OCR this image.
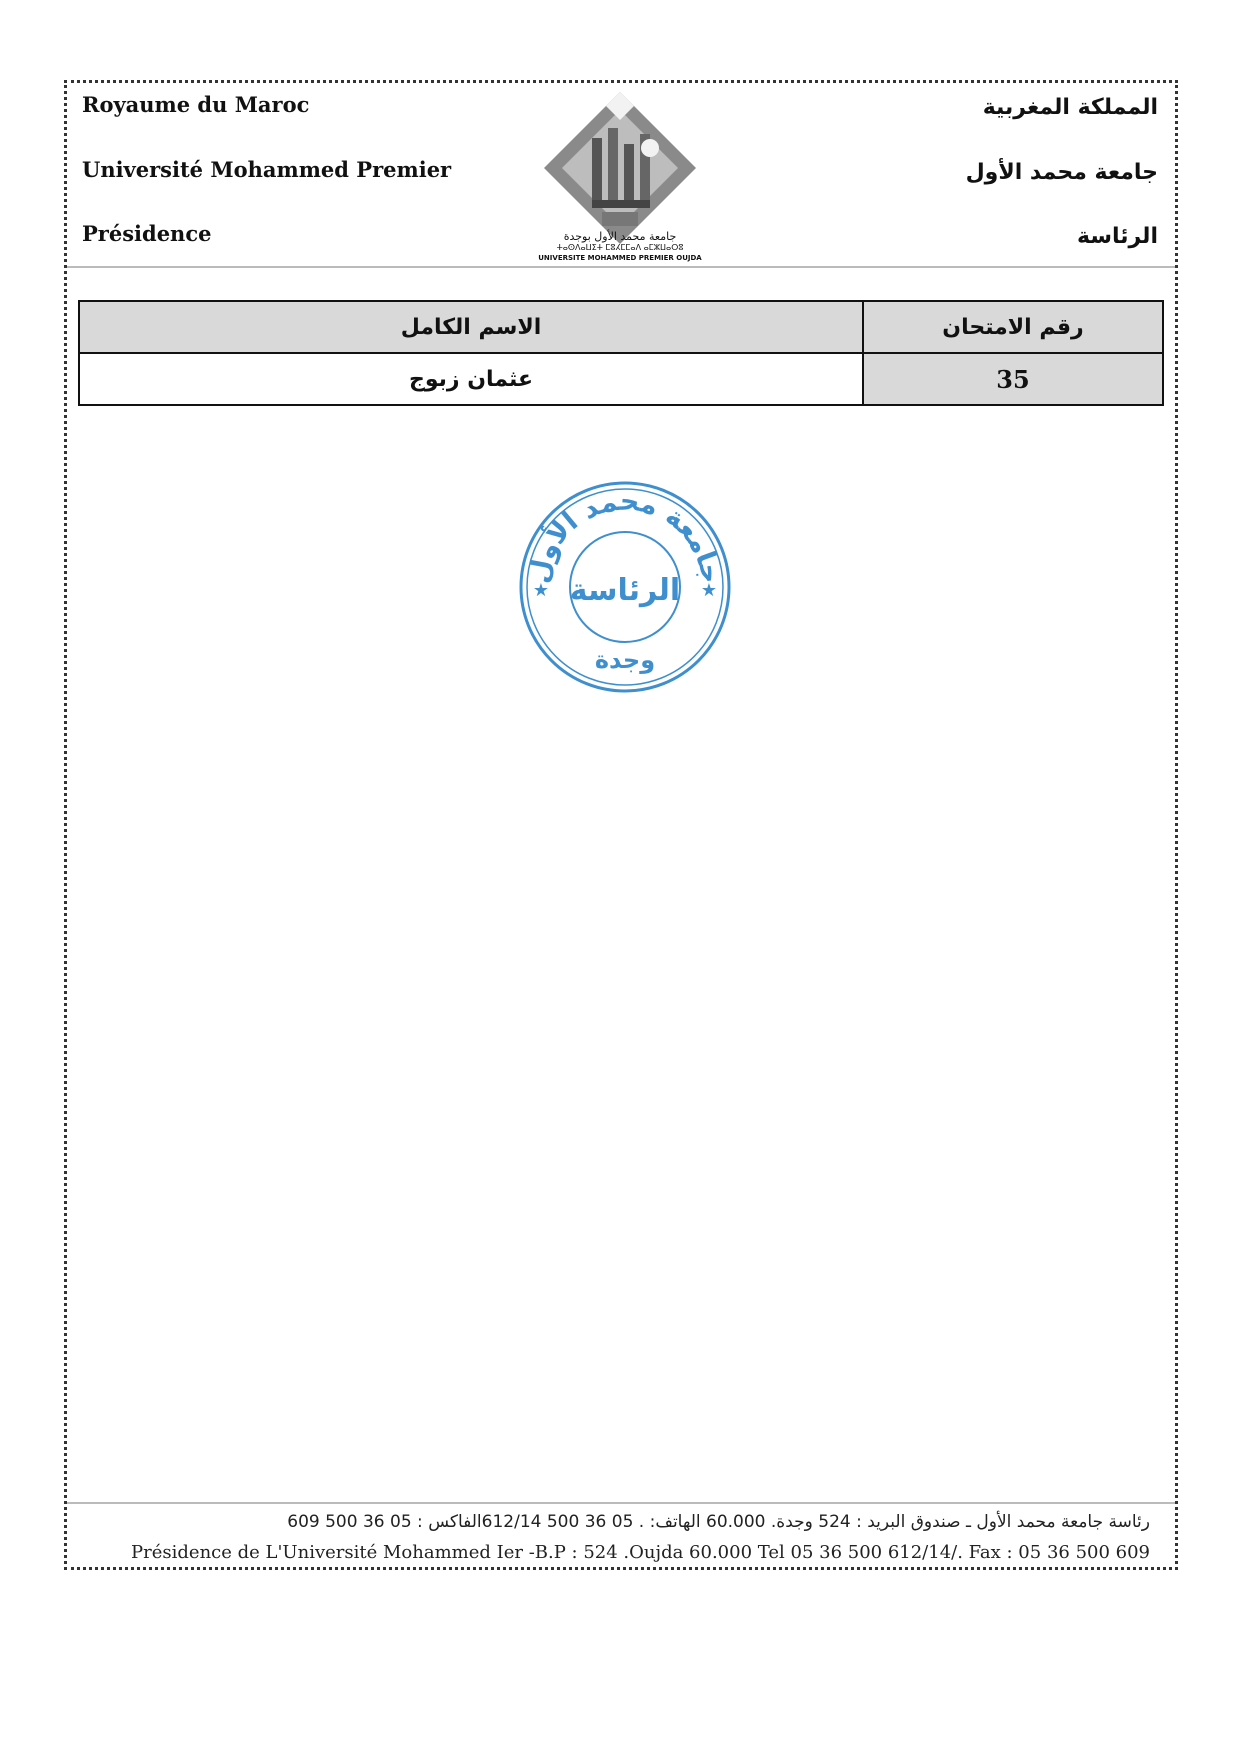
Royaume du Maroc
Université Mohammed Premier
Présidence
المملكة المغربية
جامعة محمد الأول
الرئاسة
جامعة محمد الأول بوجدة
ⵜⴰⵙⴷⴰⵡⵉⵜ ⵎⵓⵃⵎⵎⴰⴷ ⴰⵎⵣⵡⴰⵔⵓ
UNIVERSITE MOHAMMED PREMIER OUJDA
الاسم الكامل	رقم الامتحان
عثمان زبوج	35
جامعة محمد الأول
الرئاسة
وجدة
★	★
رئاسة جامعة محمد الأول ـ صندوق البريد : 524 وجدة. 60.000 الهاتف: . 05 36 500 612/14الفاكس : 05 36 500 609
Présidence de L'Université Mohammed Ier -B.P : 524 .Oujda 60.000 Tel 05 36 500 612/14/. Fax : 05 36 500 609
